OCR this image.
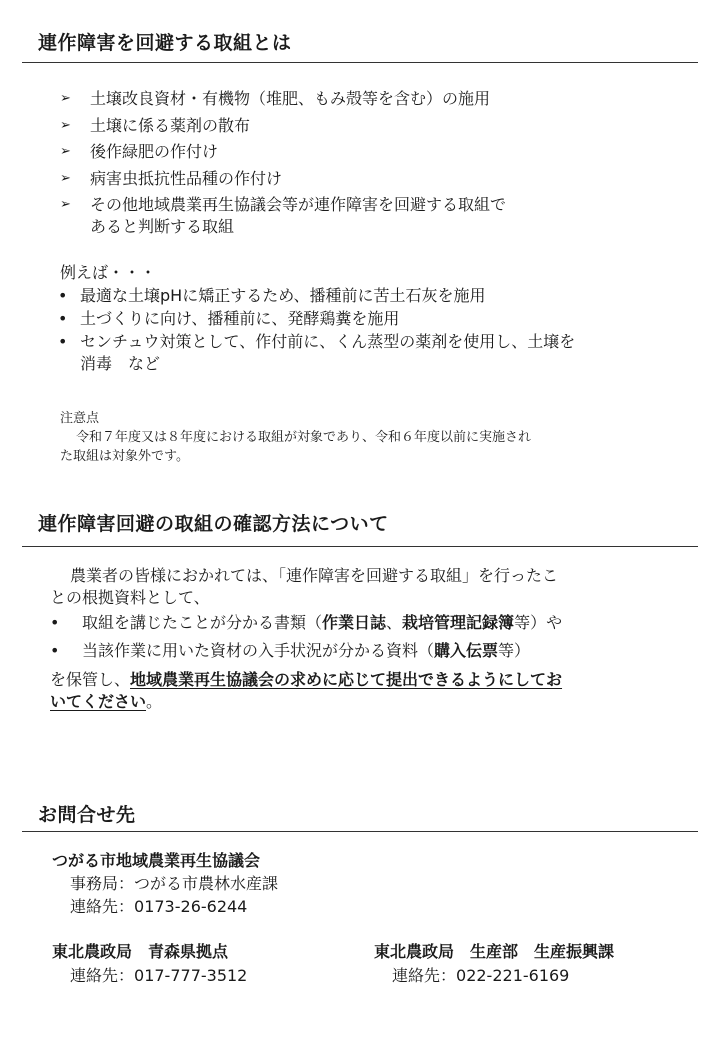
連作障害を回避する取組とは
➢	土壌改良資材・有機物（堆肥、もみ殻等を含む）の施用
➢	土壌に係る薬剤の散布
➢	後作緑肥の作付け
➢	病害虫抵抗性品種の作付け
➢	その他地域農業再生協議会等が連作障害を回避する取組で
あると判断する取組
例えば・・・
• 最適な土壌pHに矯正するため、播種前に苦土石灰を施用
• 土づくりに向け、播種前に、発酵鶏糞を施用
• センチュウ対策として、作付前に、くん蒸型の薬剤を使用し、土壌を
消毒　など
注意点
令和７年度又は８年度における取組が対象であり、令和６年度以前に実施され
た取組は対象外です。
連作障害回避の取組の確認方法について
農業者の皆様におかれては、「連作障害を回避する取組」を行ったこ
との根拠資料として、
•	取組を講じたことが分かる書類（作業日誌、栽培管理記録簿等）や
•	当該作業に用いた資材の入手状況が分かる資料（購入伝票等）
を保管し、地域農業再生協議会の求めに応じて提出できるようにしてお
いてください。
お問合せ先
つがる市地域農業再生協議会
事務局：つがる市農林水産課
連絡先：0173-26-6244
東北農政局　青森県拠点
連絡先：017-777-3512
東北農政局　生産部　生産振興課
連絡先：022-221-6169
